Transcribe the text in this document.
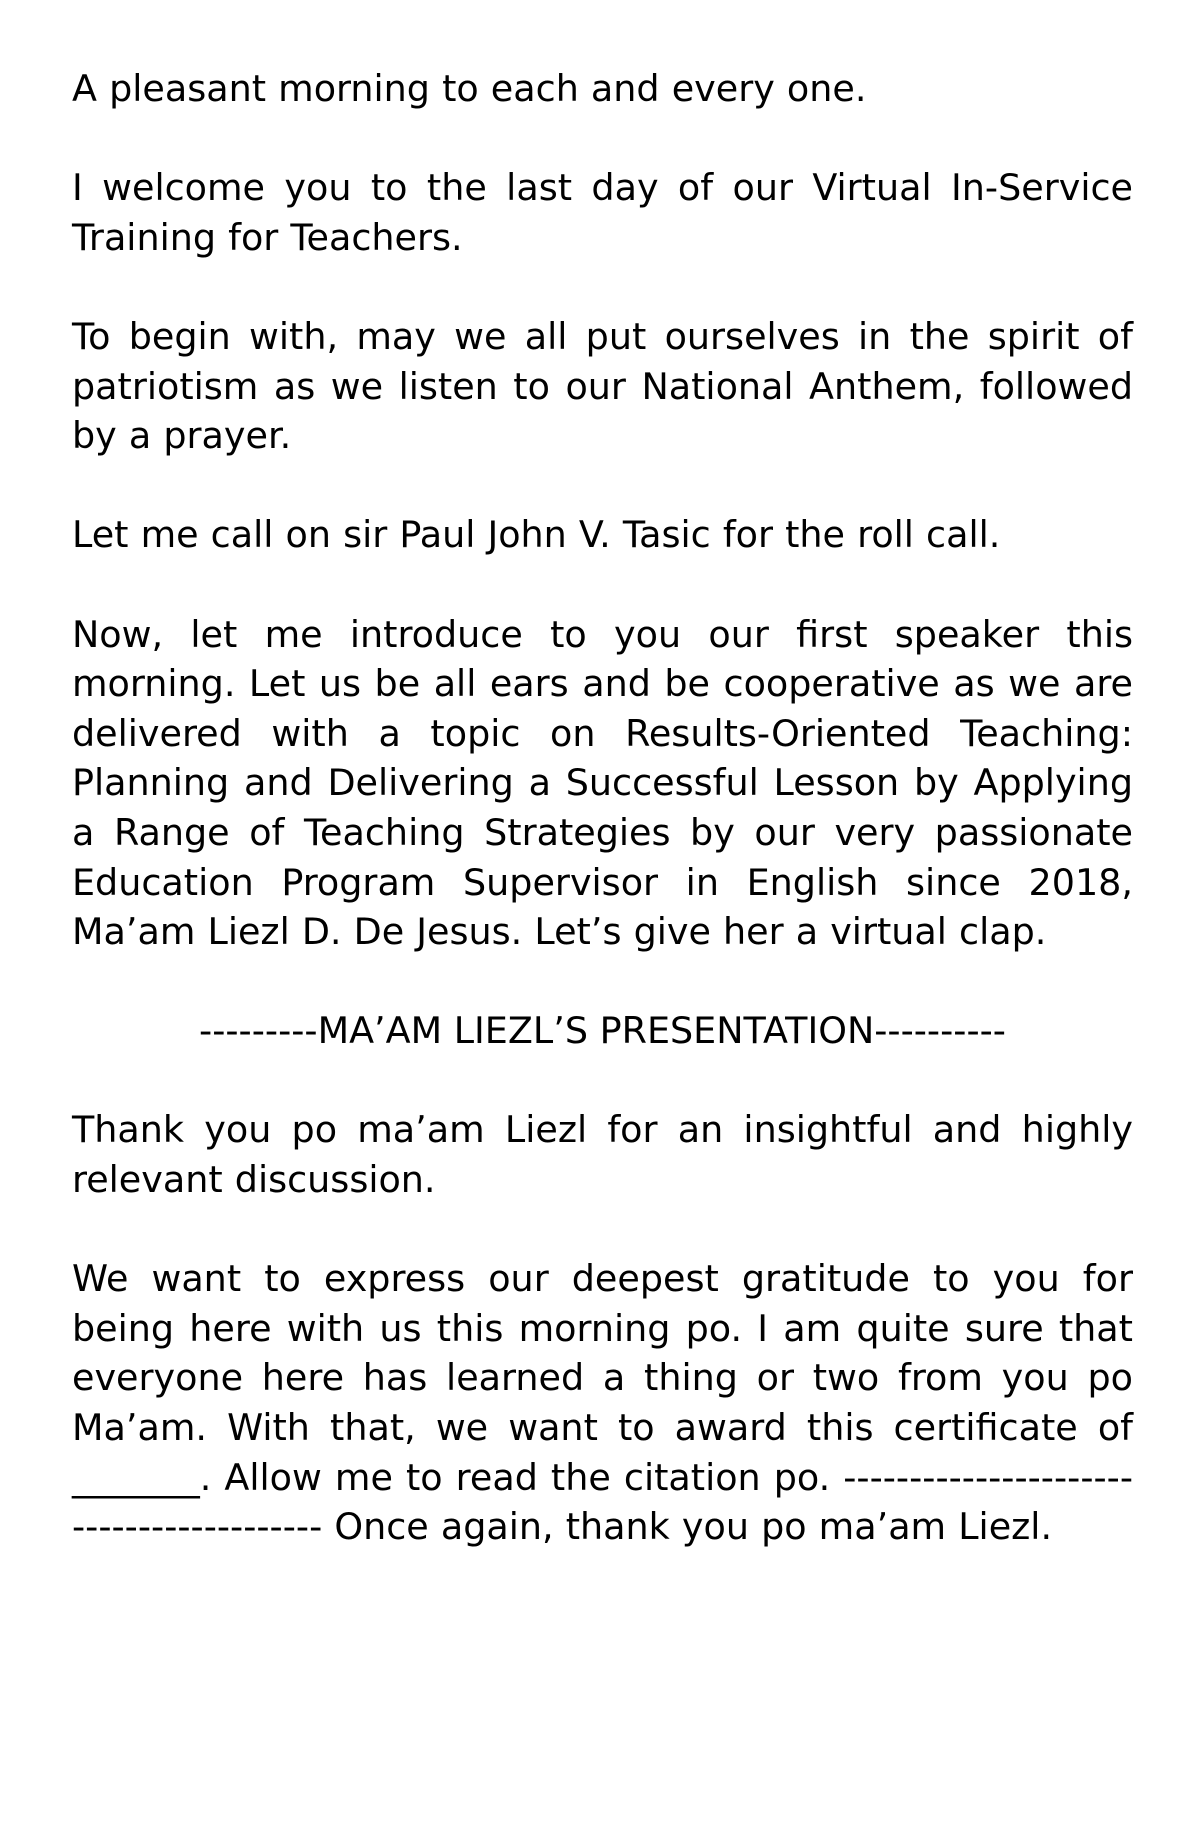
A pleasant morning to each and every one.

I welcome you to the last day of our Virtual In-Service Training for Teachers.

To begin with, may we all put ourselves in the spirit of patriotism as we listen to our National Anthem, followed by a prayer.

Let me call on sir Paul John V. Tasic for the roll call.

Now, let me introduce to you our first speaker this morning. Let us be all ears and be cooperative as we are delivered with a topic on Results-Oriented Teaching: Planning and Delivering a Successful Lesson by Applying a Range of Teaching Strategies by our very passionate Education Program Supervisor in English since 2018, Ma’am Liezl D. De Jesus. Let’s give her a virtual clap.

---------MA’AM LIEZL’S PRESENTATION----------

Thank you po ma’am Liezl for an insightful and highly relevant discussion.

We want to express our deepest gratitude to you for being here with us this morning po. I am quite sure that everyone here has learned a thing or two from you po Ma’am. With that, we want to award this certificate of _______. Allow me to read the citation po. ----------------------------------------- Once again, thank you po ma’am Liezl.
